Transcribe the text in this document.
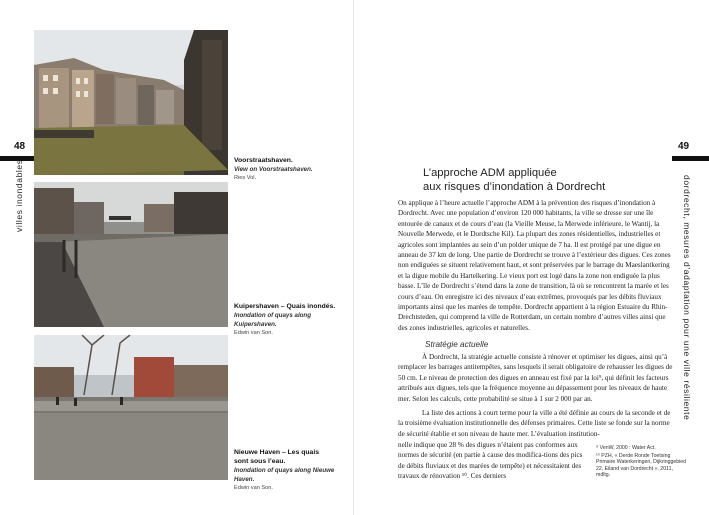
48
villes inondables	Voorstraatshaven.
View on Voorstraatshaven.
Ries Vol.
Kuipershaven – Quais inondés.
Inondation of quays along Kuipershaven.
Edwin van Son.
Nieuwe Haven – Les quais sont sous l’eau.
Inondation of quays along Nieuwe Haven.
Edwin van Son.
49
dordrecht, mesures d’adaptation pour une ville résiliente
L’approche ADM appliquée
aux risques d’inondation à Dordrecht

On applique à l’heure actuelle l’approche ADM à la prévention des risques d’inondation à Dordrecht. Avec une population d’environ 120 000 habitants, la ville se dresse sur une île entourée de canaux et de cours d’eau (la Vieille Meuse, la Merwede inférieure, le Wantij, la Nouvelle Merwede, et le Dordtsche Kil). La plupart des zones résidentielles, industrielles et agricoles sont implantées au sein d’un polder unique de 7 ha. Il est protégé par une digue en anneau de 37 km de long. Une partie de Dordrecht se trouve à l’extérieur des digues. Ces zones non endiguées se situent relativement haut, et sont préservées par le barrage du Maeslantkering et la digue mobile du Hartelkering. Le vieux port est logé dans la zone non endiguée la plus basse. L’île de Dordrecht s’étend dans la zone de transition, là où se rencontrent la marée et les cours d’eau. On enregistre ici des niveaux d’eau extrêmes, provoqués par les débits fluviaux importants ainsi que les marées de tempête. Dordrecht appartient à la région Estuaire du Rhin-Drechtsteden, qui comprend la ville de Rotterdam, un certain nombre d’autres villes ainsi que des zones industrielles, agricoles et naturelles.

Stratégie actuelle

À Dordrecht, la stratégie actuelle consiste à rénover et optimiser les digues, ainsi qu’à remplacer les barrages antitempêtes, sans lesquels il serait obligatoire de rehausser les digues de 50 cm. Le niveau de protection des digues en anneau est fixé par la loi⁹, qui définit les facteurs attribués aux digues, tels que la fréquence moyenne au dépassement pour les niveaux de haute mer. Selon les calculs, cette probabilité se situe à 1 sur 2 000 par an.

La liste des actions à court terme pour la ville a été définie au cours de la seconde et de la troisième évaluation institutionnelle des défenses primaires. Cette liste se fonde sur la norme de sécurité établie et son niveau de haute mer. L’évaluation institution-

nelle indique que 28 % des digues n’étaient pas conformes aux normes de sécurité (en partie à cause des modifica-tions des pics de débits fluviaux et des marées de tempête) et nécessitaient des travaux de rénovation ¹⁰. Ces derniers

⁹ VenW, 2000 : Water Act.

¹⁰ PZH, « Derde Ronde Toetsing Primaire Waterkeringen, Dijkringgebied 22, Eiland van Dordrecht », 2011, mdltg.
